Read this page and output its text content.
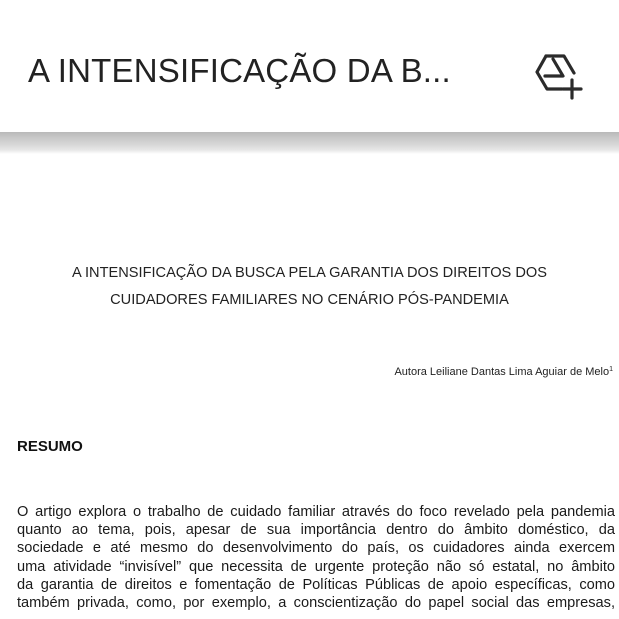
A INTENSIFICAÇÃO DA B...
A INTENSIFICAÇÃO DA BUSCA PELA GARANTIA DOS DIREITOS DOS
CUIDADORES FAMILIARES NO CENÁRIO PÓS-PANDEMIA
Autora Leiliane Dantas Lima Aguiar de Melo$^1$
RESUMO
O artigo explora o trabalho de cuidado familiar através do foco revelado pela pandemia
quanto ao tema, pois, apesar de sua importância dentro do âmbito doméstico, da
sociedade e até mesmo do desenvolvimento do país, os cuidadores ainda exercem
uma atividade “invisível” que necessita de urgente proteção não só estatal, no âmbito
da garantia de direitos e fomentação de Políticas Públicas de apoio específicas, como
também privada, como, por exemplo, a conscientização do papel social das empresas,
